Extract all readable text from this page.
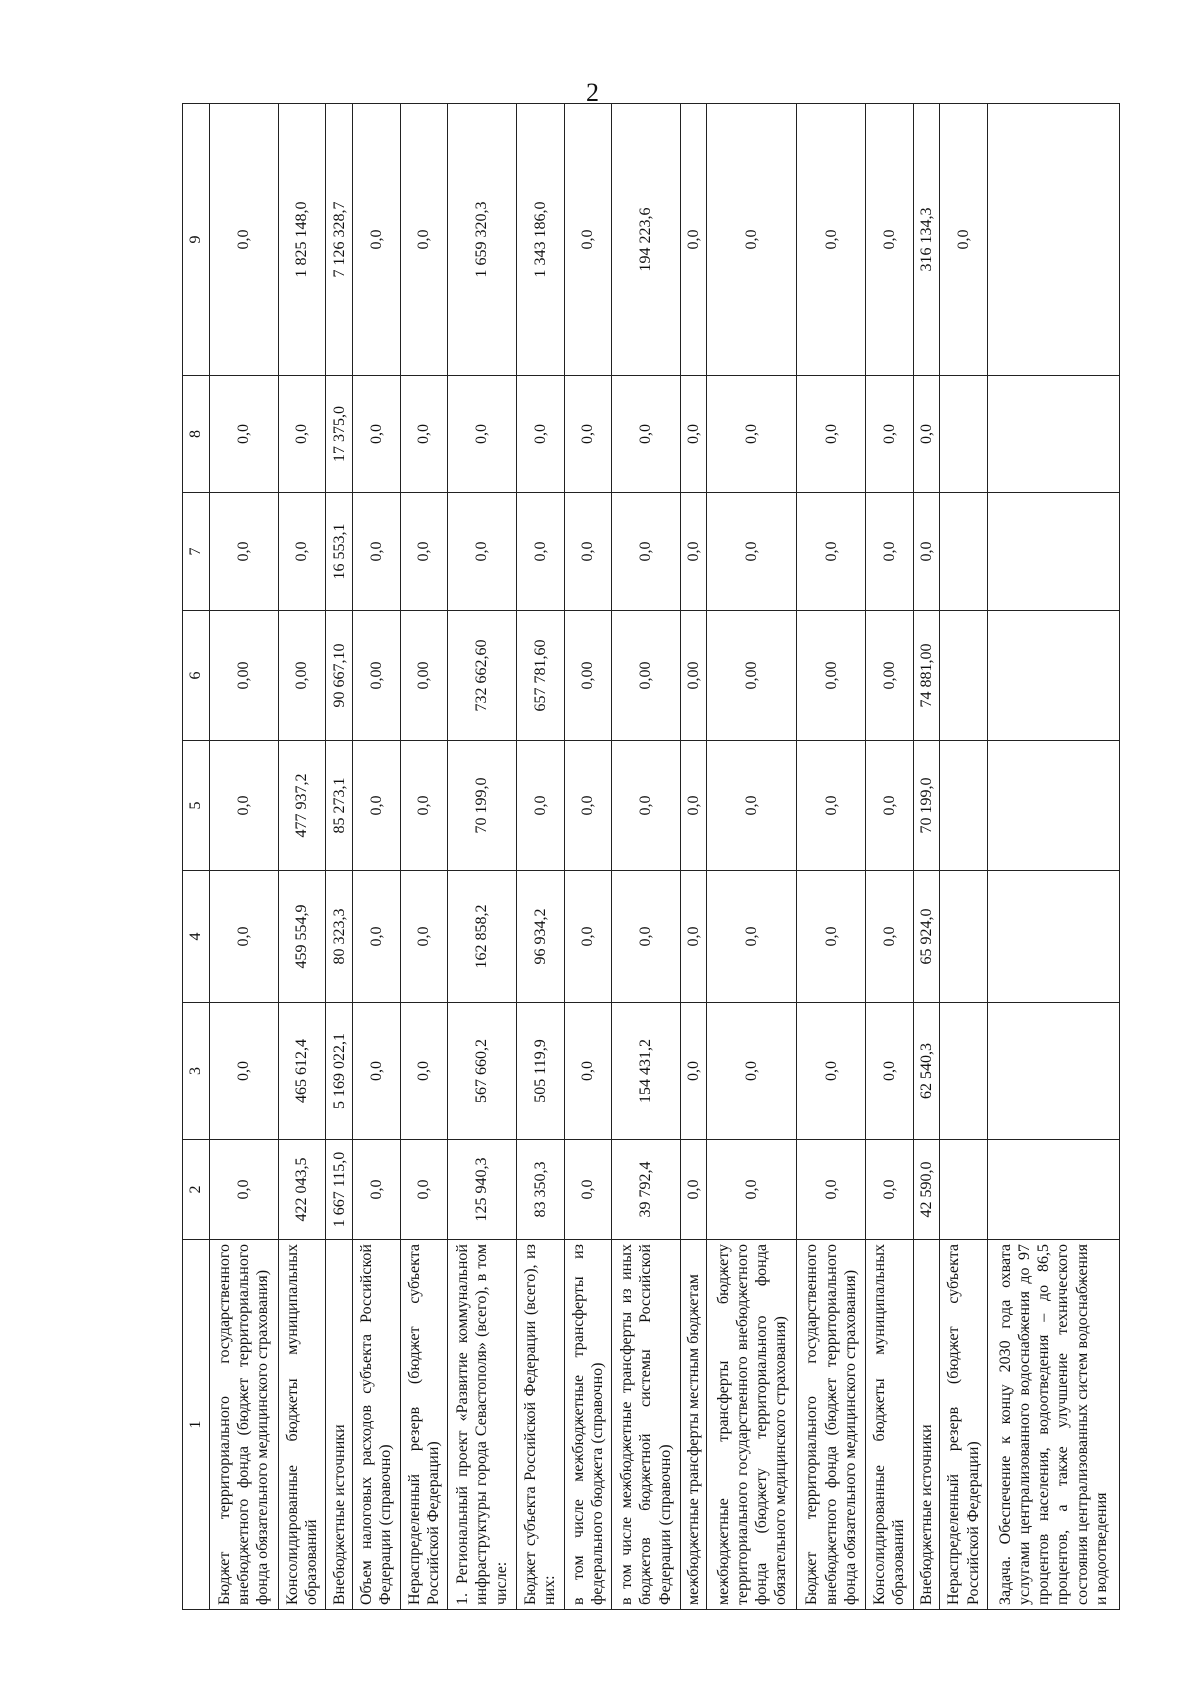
2
1	2	3	4	5	6	7	8	9
Бюджет территориального государственного внебюджетного фонда (бюджет территориального фонда обязательного медицинского страхования)	0,0	0,0	0,0	0,0	0,00	0,0	0,0	0,0
Консолидированные бюджеты муниципальных образований	422 043,5	465 612,4	459 554,9	477 937,2	0,00	0,0	0,0	1 825 148,0
Внебюджетные источники	1 667 115,0	5 169 022,1	80 323,3	85 273,1	90 667,10	16 553,1	17 375,0	7 126 328,7
Объем налоговых расходов субъекта Российской Федерации (справочно)	0,0	0,0	0,0	0,0	0,00	0,0	0,0	0,0
Нераспределенный резерв (бюджет субъекта Российской Федерации)	0,0	0,0	0,0	0,0	0,00	0,0	0,0	0,0
1. Региональный проект «Развитие коммунальной инфраструктуры города Севастополя» (всего), в том числе:	125 940,3	567 660,2	162 858,2	70 199,0	732 662,60	0,0	0,0	1 659 320,3
Бюджет субъекта Российской Федерации (всего), из них:	83 350,3	505 119,9	96 934,2	0,0	657 781,60	0,0	0,0	1 343 186,0
в том числе межбюджетные трансферты из федерального бюджета (справочно)	0,0	0,0	0,0	0,0	0,00	0,0	0,0	0,0
в том числе межбюджетные трансферты из иных бюджетов бюджетной системы Российской Федерации (справочно)	39 792,4	154 431,2	0,0	0,0	0,00	0,0	0,0	194 223,6
межбюджетные трансферты местным бюджетам	0,0	0,0	0,0	0,0	0,00	0,0	0,0	0,0
межбюджетные трансферты бюджету территориального государственного внебюджетного фонда (бюджету территориального фонда обязательного медицинского страхования)	0,0	0,0	0,0	0,0	0,00	0,0	0,0	0,0
Бюджет территориального государственного внебюджетного фонда (бюджет территориального фонда обязательного медицинского страхования)	0,0	0,0	0,0	0,0	0,00	0,0	0,0	0,0
Консолидированные бюджеты муниципальных образований	0,0	0,0	0,0	0,0	0,00	0,0	0,0	0,0
Внебюджетные источники	42 590,0	62 540,3	65 924,0	70 199,0	74 881,00	0,0	0,0	316 134,3
Нераспределенный резерв (бюджет субъекта Российской Федерации)								0,0
Задача. Обеспечение к концу 2030 года охвата услугами централизованного водоснабжения до 97 процентов населения, водоотведения – до 86,5 процентов, а также улучшение технического состояния централизованных систем водоснабжения и водоотведения								
